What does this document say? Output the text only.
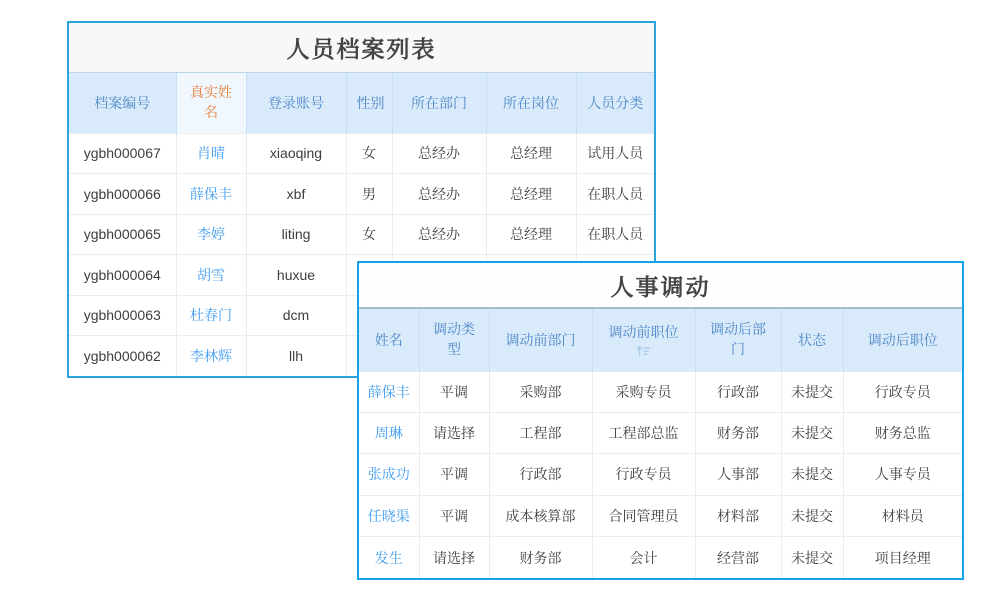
人员档案列表
档案编号	真实姓名	登录账号	性别	所在部门	所在岗位	人员分类
ygbh000067	肖晴	xiaoqing	女	总经办	总经理	试用人员
ygbh000066	薛保丰	xbf	男	总经办	总经理	在职人员
ygbh000065	李婷	liting	女	总经办	总经理	在职人员
ygbh000064	胡雪	huxue				
ygbh000063	杜春门	dcm				
ygbh000062	李林辉	llh				
人事调动
姓名	调动类型	调动前部门	调动前职位	调动后部门	状态	调动后职位
薛保丰	平调	采购部	采购专员	行政部	未提交	行政专员
周琳	请选择	工程部	工程部总监	财务部	未提交	财务总监
张成功	平调	行政部	行政专员	人事部	未提交	人事专员
任晓渠	平调	成本核算部	合同管理员	材料部	未提交	材料员
发生	请选择	财务部	会计	经营部	未提交	项目经理
